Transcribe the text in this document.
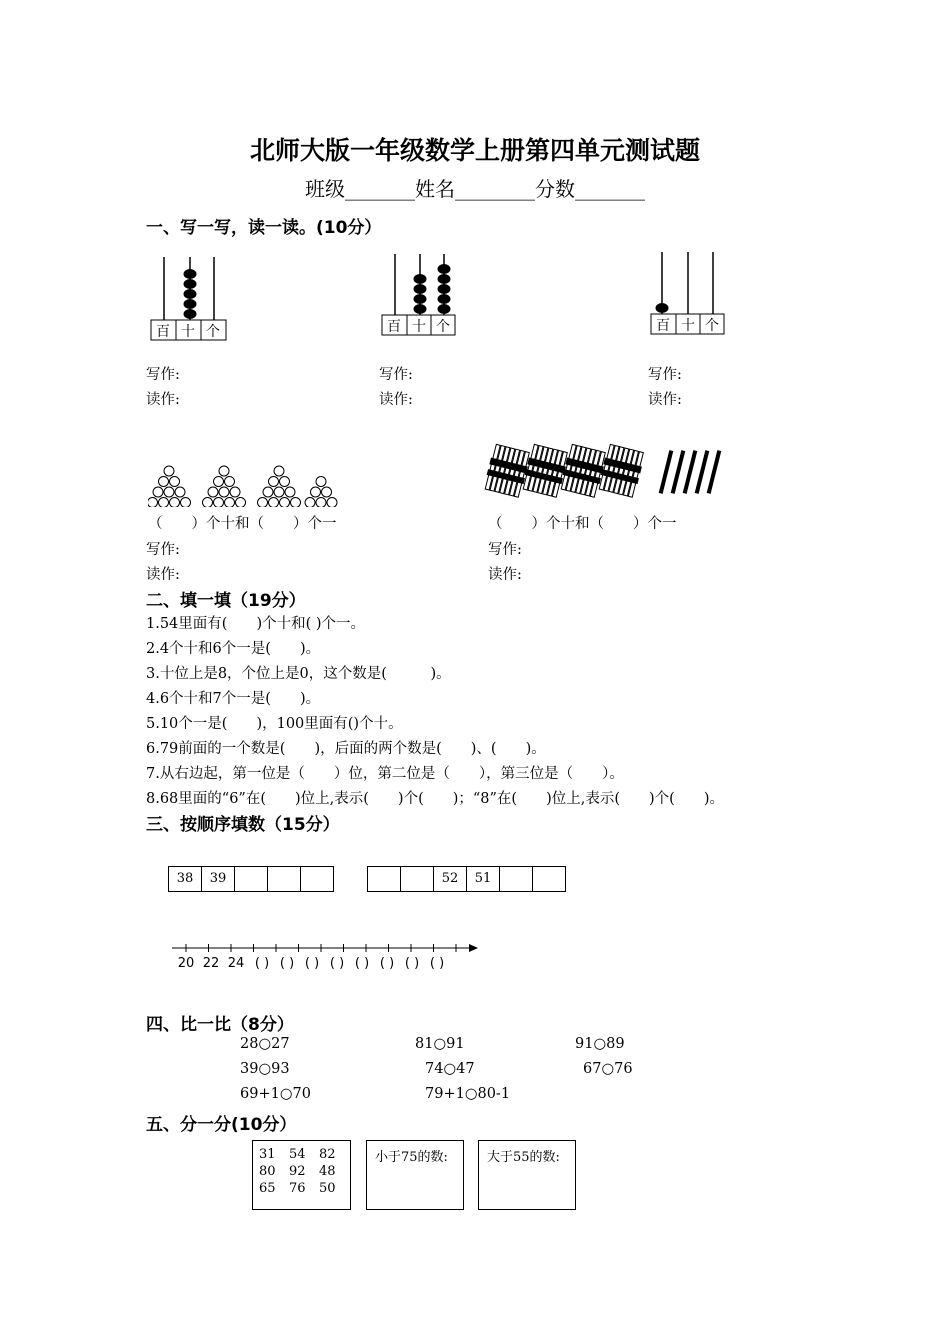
北师大版一年级数学上册第四单元测试题
班级_______姓名________分数_______
一、写一写，读一读。(10分）
百 十 个	百 十 个	百 十 个
写作:
读作:
写作:
读作:
写作:
读作:
（　　）个十和（　　）个一
写作:
读作:
（　　）个十和（　　）个一
写作:
读作:
二、填一填（19分）
1.54里面有(　　)个十和( )个一。
2.4个十和6个一是(　　)。
3.十位上是8，个位上是0，这个数是(　　　)。
4.6个十和7个一是(　　)。
5.10个一是(　　)，100里面有()个十。
6.79前面的一个数是(　　)，后面的两个数是(　　)、(　　)。
7.从右边起，第一位是（　　）位，第二位是（　　），第三位是（　　）。
8.68里面的“6”在(　　)位上,表示(　　)个(　　)；“8”在(　　)位上,表示(　　)个(　　)。
三、按顺序填数（15分）
38	39	52	51
20 22 24 ( ) ( ) ( ) ( ) ( ) ( ) ( ) ( )
四、比一比（8分）
28○27	81○91	91○89
39○93	74○47	67○76
69+1○70	79+1○80-1
五、分一分(10分）
31	54	82
80	92	48
65	76	50
小于75的数:	大于55的数:
